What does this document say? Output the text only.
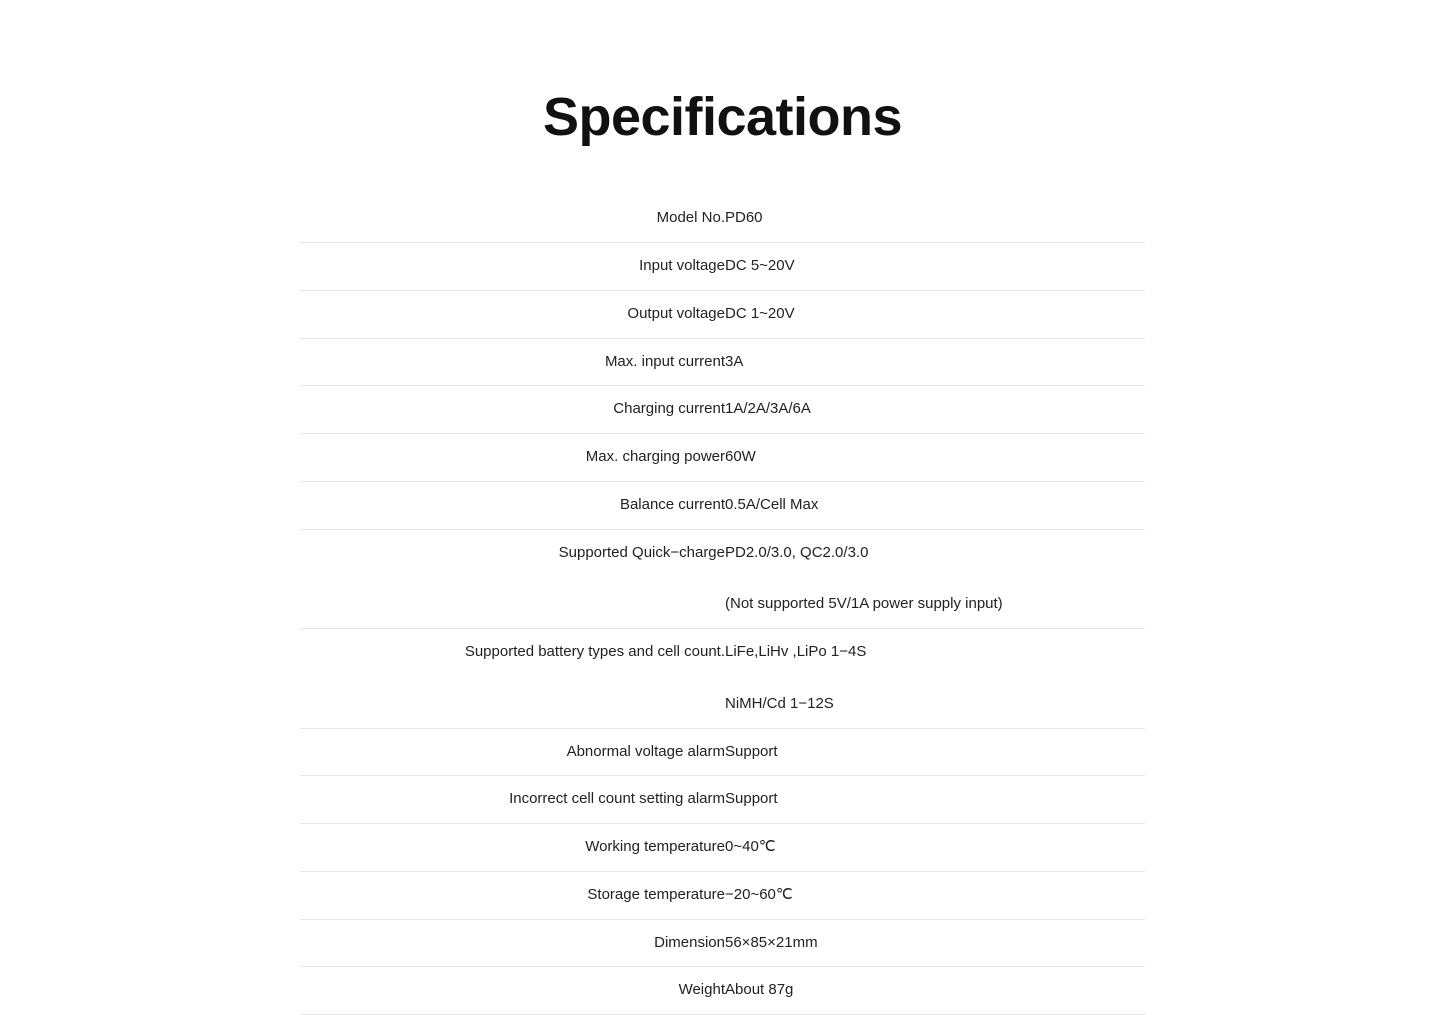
Specifications
Model No.	PD60

Input voltage	DC 5~20V

Output voltage	DC 1~20V

Max. input current	3A

Charging current	1A/2A/3A/6A

Max. charging power	60W

Balance current	0.5A/Cell Max

Supported Quick−charge	PD2.0/3.0, QC2.0/3.0
(Not supported 5V/1A power supply input)

Supported battery types and cell count.	LiFe,LiHv ,LiPo 1−4S
NiMH/Cd 1−12S

Abnormal voltage alarm	Support

Incorrect cell count setting alarm	Support

Working temperature	0~40℃

Storage temperature	−20~60℃

Dimension	56×85×21mm

Weight	About 87g
